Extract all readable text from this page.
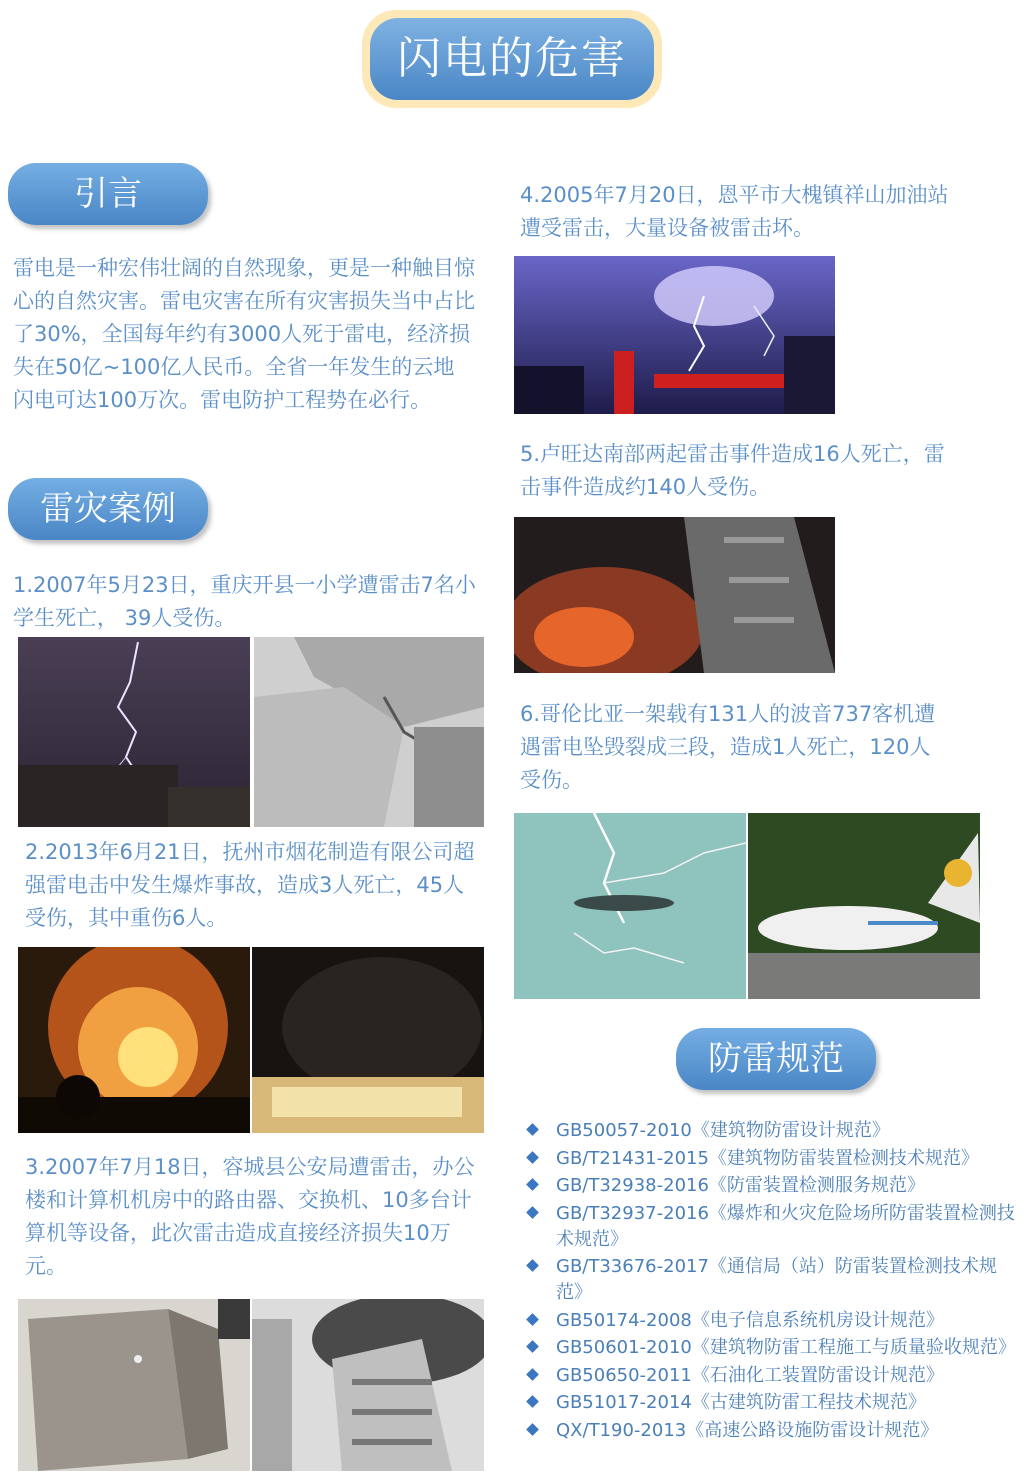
闪电的危害
引言
雷电是一种宏伟壮阔的自然现象，更是一种触目惊心的自然灾害。雷电灾害在所有灾害损失当中占比了30%，全国每年约有3000人死于雷电，经济损失在50亿~100亿人民币。全省一年发生的云地闪电可达100万次。雷电防护工程势在必行。
雷灾案例
1.2007年5月23日，重庆开县一小学遭雷击7名小学生死亡， 39人受伤。
2.2013年6月21日，抚州市烟花制造有限公司超强雷电击中发生爆炸事故，造成3人死亡，45人受伤，其中重伤6人。
3.2007年7月18日，容城县公安局遭雷击，办公楼和计算机机房中的路由器、交换机、10多台计算机等设备，此次雷击造成直接经济损失10万元。
4.2005年7月20日，恩平市大槐镇祥山加油站遭受雷击，大量设备被雷击坏。
5.卢旺达南部两起雷击事件造成16人死亡，雷击事件造成约140人受伤。
6.哥伦比亚一架载有131人的波音737客机遭遇雷电坠毁裂成三段，造成1人死亡，120人受伤。
防雷规范
GB50057-2010《建筑物防雷设计规范》
GB/T21431-2015《建筑物防雷装置检测技术规范》
GB/T32938-2016《防雷装置检测服务规范》
GB/T32937-2016《爆炸和火灾危险场所防雷装置检测技术规范》
GB/T33676-2017《通信局（站）防雷装置检测技术规范》
GB50174-2008《电子信息系统机房设计规范》
GB50601-2010《建筑物防雷工程施工与质量验收规范》
GB50650-2011《石油化工装置防雷设计规范》
GB51017-2014《古建筑防雷工程技术规范》
QX/T190-2013《高速公路设施防雷设计规范》
